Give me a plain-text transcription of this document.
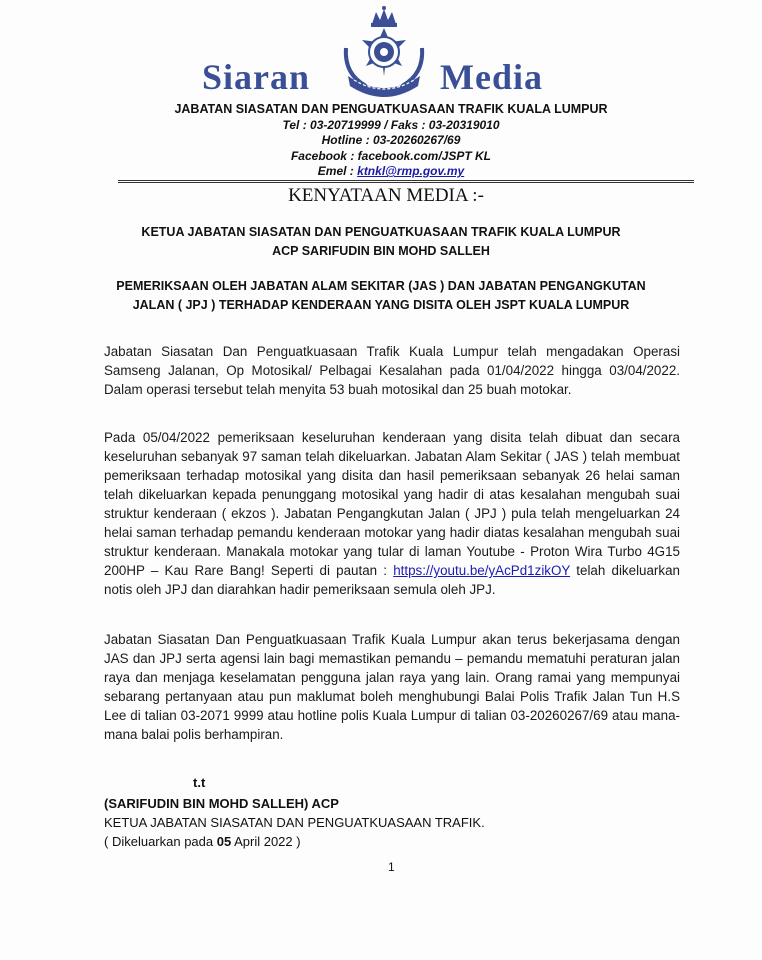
Siaran	Media
JABATAN SIASATAN DAN PENGUATKUASAAN TRAFIK KUALA LUMPUR
Tel : 03-20719999 / Faks : 03-20319010
Hotline : 03-20260267/69
Facebook : facebook.com/JSPT KL
Emel : ktnkl@rmp.gov.my
KENYATAAN MEDIA :-
KETUA JABATAN SIASATAN DAN PENGUATKUASAAN TRAFIK KUALA LUMPUR
ACP SARIFUDIN BIN MOHD SALLEH
PEMERIKSAAN OLEH JABATAN ALAM SEKITAR (JAS ) DAN JABATAN PENGANGKUTAN
JALAN ( JPJ ) TERHADAP KENDERAAN YANG DISITA OLEH JSPT KUALA LUMPUR
Jabatan Siasatan Dan Penguatkuasaan Trafik Kuala Lumpur telah mengadakan Operasi Samseng Jalanan, Op Motosikal/ Pelbagai Kesalahan pada 01/04/2022 hingga 03/04/2022. Dalam operasi tersebut telah menyita 53 buah motosikal dan 25 buah motokar.
Pada 05/04/2022 pemeriksaan keseluruhan kenderaan yang disita telah dibuat dan secara keseluruhan sebanyak 97 saman telah dikeluarkan. Jabatan Alam Sekitar ( JAS ) telah membuat pemeriksaan terhadap motosikal yang disita dan hasil pemeriksaan sebanyak 26 helai saman telah dikeluarkan kepada penunggang motosikal yang hadir di atas kesalahan mengubah suai struktur kenderaan ( ekzos ). Jabatan Pengangkutan Jalan ( JPJ ) pula telah mengeluarkan 24 helai saman terhadap pemandu kenderaan motokar yang hadir diatas kesalahan mengubah suai struktur kenderaan. Manakala motokar yang tular di laman Youtube - Proton Wira Turbo 4G15 200HP – Kau Rare Bang! Seperti di pautan : https://youtu.be/yAcPd1zikOY telah dikeluarkan notis oleh JPJ dan diarahkan hadir pemeriksaan semula oleh JPJ.
Jabatan Siasatan Dan Penguatkuasaan Trafik Kuala Lumpur akan terus bekerjasama dengan JAS dan JPJ serta agensi lain bagi memastikan pemandu – pemandu mematuhi peraturan jalan raya dan menjaga keselamatan pengguna jalan raya yang lain. Orang ramai yang mempunyai sebarang pertanyaan atau pun maklumat boleh menghubungi Balai Polis Trafik Jalan Tun H.S Lee di talian 03-2071 9999 atau hotline polis Kuala Lumpur di talian 03-20260267/69 atau mana- mana balai polis berhampiran.
t.t
(SARIFUDIN BIN MOHD SALLEH) ACP
KETUA JABATAN SIASATAN DAN PENGUATKUASAAN TRAFIK.
( Dikeluarkan pada 05 April 2022 )
1
